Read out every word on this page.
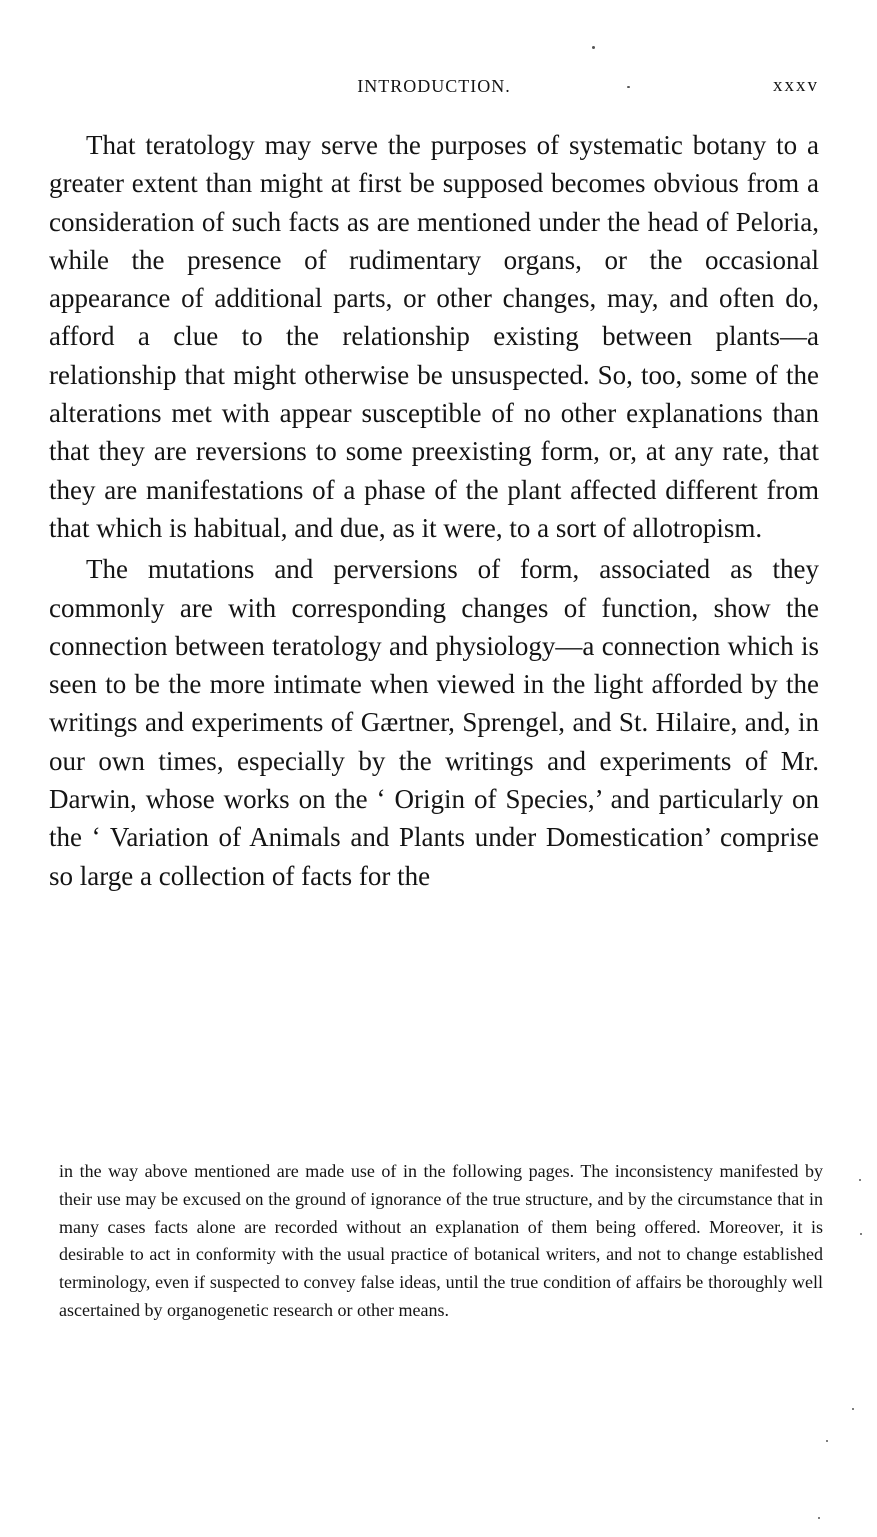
INTRODUCTION.	xxxv

That teratology may serve the purposes of systematic botany to a greater extent than might at first be supposed becomes obvious from a consideration of such facts as are mentioned under the head of Peloria, while the presence of rudimentary organs, or the occasional appearance of additional parts, or other changes, may, and often do, afford a clue to the relationship existing between plants—a relationship that might otherwise be unsuspected. So, too, some of the alterations met with appear susceptible of no other explanations than that they are reversions to some preexisting form, or, at any rate, that they are manifestations of a phase of the plant affected different from that which is habitual, and due, as it were, to a sort of allotropism.

The mutations and perversions of form, associated as they commonly are with corresponding changes of function, show the connection between teratology and physiology—a connection which is seen to be the more intimate when viewed in the light afforded by the writings and experiments of Gærtner, Sprengel, and St. Hilaire, and, in our own times, especially by the writings and experiments of Mr. Darwin, whose works on the ‘ Origin of Species,’ and particularly on the ‘ Variation of Animals and Plants under Domestication’ comprise so large a collection of facts for the

in the way above mentioned are made use of in the following pages. The inconsistency manifested by their use may be excused on the ground of ignorance of the true structure, and by the circumstance that in many cases facts alone are recorded without an explanation of them being offered. Moreover, it is desirable to act in conformity with the usual practice of botanical writers, and not to change established terminology, even if suspected to convey false ideas, until the true condition of affairs be thoroughly well ascertained by organogenetic research or other means.
